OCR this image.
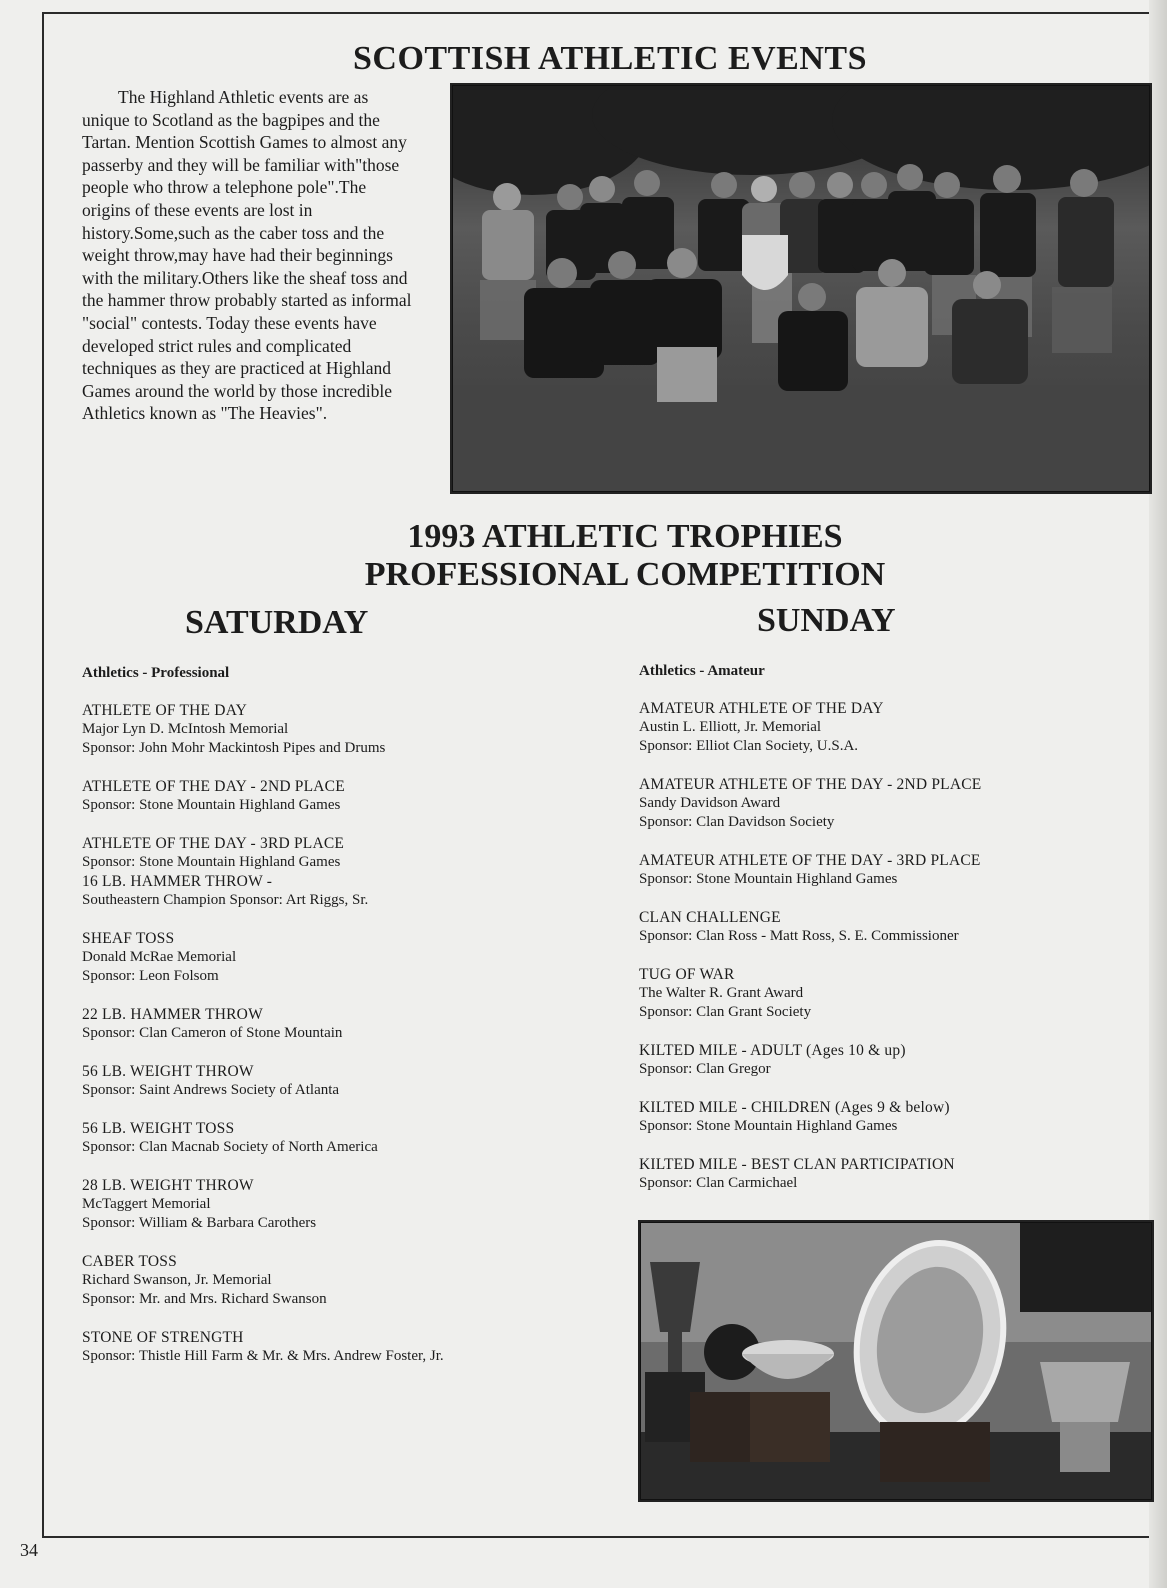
SCOTTISH ATHLETIC EVENTS

The Highland Athletic events are as unique to Scotland as the bagpipes and the Tartan. Mention Scottish Games to almost any passerby and they will be familiar with"those people who throw a telephone pole".The origins of these events are lost in history.Some,such as the caber toss and the weight throw,may have had their beginnings with the military.Others like the sheaf toss and the hammer throw probably started as informal "social" contests. Today these events have developed strict rules and complicated techniques as they are practiced at Highland Games around the world by those incredible Athletics known as "The Heavies".

1993 ATHLETIC TROPHIES
PROFESSIONAL COMPETITION
SATURDAY	SUNDAY

Athletics - Professional

ATHLETE OF THE DAY
Major Lyn D. McIntosh Memorial
Sponsor: John Mohr Mackintosh Pipes and Drums
ATHLETE OF THE DAY - 2ND PLACE
Sponsor: Stone Mountain Highland Games
ATHLETE OF THE DAY - 3RD PLACE
Sponsor: Stone Mountain Highland Games
16 LB. HAMMER THROW -
Southeastern Champion Sponsor: Art Riggs, Sr.
SHEAF TOSS
Donald McRae Memorial
Sponsor: Leon Folsom
22 LB. HAMMER THROW
Sponsor: Clan Cameron of Stone Mountain
56 LB. WEIGHT THROW
Sponsor: Saint Andrews Society of Atlanta
56 LB. WEIGHT TOSS
Sponsor: Clan Macnab Society of North America
28 LB. WEIGHT THROW
McTaggert Memorial
Sponsor: William & Barbara Carothers
CABER TOSS
Richard Swanson, Jr. Memorial
Sponsor: Mr. and Mrs. Richard Swanson
STONE OF STRENGTH
Sponsor: Thistle Hill Farm & Mr. & Mrs. Andrew Foster, Jr.

Athletics - Amateur

AMATEUR ATHLETE OF THE DAY
Austin L. Elliott, Jr. Memorial
Sponsor: Elliot Clan Society, U.S.A.
AMATEUR ATHLETE OF THE DAY - 2ND PLACE
Sandy Davidson Award
Sponsor: Clan Davidson Society
AMATEUR ATHLETE OF THE DAY - 3RD PLACE
Sponsor: Stone Mountain Highland Games
CLAN CHALLENGE
Sponsor: Clan Ross - Matt Ross, S. E. Commissioner
TUG OF WAR
The Walter R. Grant Award
Sponsor: Clan Grant Society
KILTED MILE - ADULT (Ages 10 & up)
Sponsor: Clan Gregor
KILTED MILE - CHILDREN (Ages 9 & below)
Sponsor: Stone Mountain Highland Games
KILTED MILE - BEST CLAN PARTICIPATION
Sponsor: Clan Carmichael
34
